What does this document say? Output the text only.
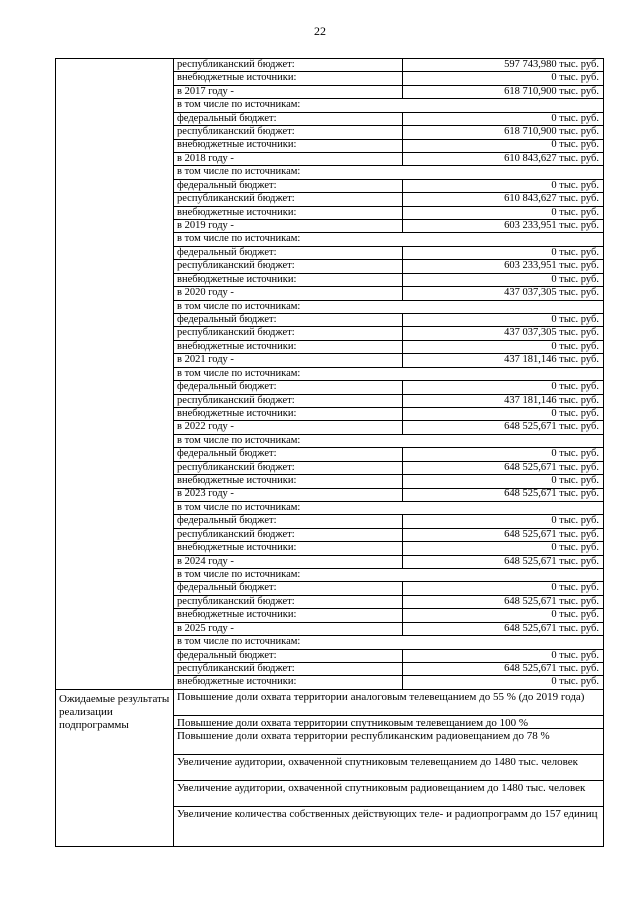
22
республиканский бюджет:	597 743,980 тыс. руб.
внебюджетные источники:	0 тыс. руб.
в 2017 году -	618 710,900 тыс. руб.
в том числе по источникам:
федеральный бюджет:	0 тыс. руб.
республиканский бюджет:	618 710,900 тыс. руб.
внебюджетные источники:	0 тыс. руб.
в 2018 году -	610 843,627 тыс. руб.
в том числе по источникам:
федеральный бюджет:	0 тыс. руб.
республиканский бюджет:	610 843,627 тыс. руб.
внебюджетные источники:	0 тыс. руб.
в 2019 году -	603 233,951 тыс. руб.
в том числе по источникам:
федеральный бюджет:	0 тыс. руб.
республиканский бюджет:	603 233,951 тыс. руб.
внебюджетные источники:	0 тыс. руб.
в 2020 году -	437 037,305 тыс. руб.
в том числе по источникам:
федеральный бюджет:	0 тыс. руб.
республиканский бюджет:	437 037,305 тыс. руб.
внебюджетные источники:	0 тыс. руб.
в 2021 году -	437 181,146 тыс. руб.
в том числе по источникам:
федеральный бюджет:	0 тыс. руб.
республиканский бюджет:	437 181,146 тыс. руб.
внебюджетные источники:	0 тыс. руб.
в 2022 году -	648 525,671 тыс. руб.
в том числе по источникам:
федеральный бюджет:	0 тыс. руб.
республиканский бюджет:	648 525,671 тыс. руб.
внебюджетные источники:	0 тыс. руб.
в 2023 году -	648 525,671 тыс. руб.
в том числе по источникам:
федеральный бюджет:	0 тыс. руб.
республиканский бюджет:	648 525,671 тыс. руб.
внебюджетные источники:	0 тыс. руб.
в 2024 году -	648 525,671 тыс. руб.
в том числе по источникам:
федеральный бюджет:	0 тыс. руб.
республиканский бюджет:	648 525,671 тыс. руб.
внебюджетные источники:	0 тыс. руб.
в 2025 году -	648 525,671 тыс. руб.
в том числе по источникам:
федеральный бюджет:	0 тыс. руб.
республиканский бюджет:	648 525,671 тыс. руб.
внебюджетные источники:	0 тыс. руб.
Ожидаемые результаты реализации подпрограммы
Повышение доли охвата территории аналоговым телевещанием до 55 % (до 2019 года)
Повышение доли охвата территории спутниковым телевещанием до 100 %
Повышение доли охвата территории республиканским радиовещанием до 78 %
Увеличение аудитории, охваченной спутниковым телевещанием до 1480 тыс. человек
Увеличение аудитории, охваченной спутниковым радиовещанием до 1480 тыс. человек
Увеличение количества собственных действующих теле- и радиопрограмм до 157 единиц
